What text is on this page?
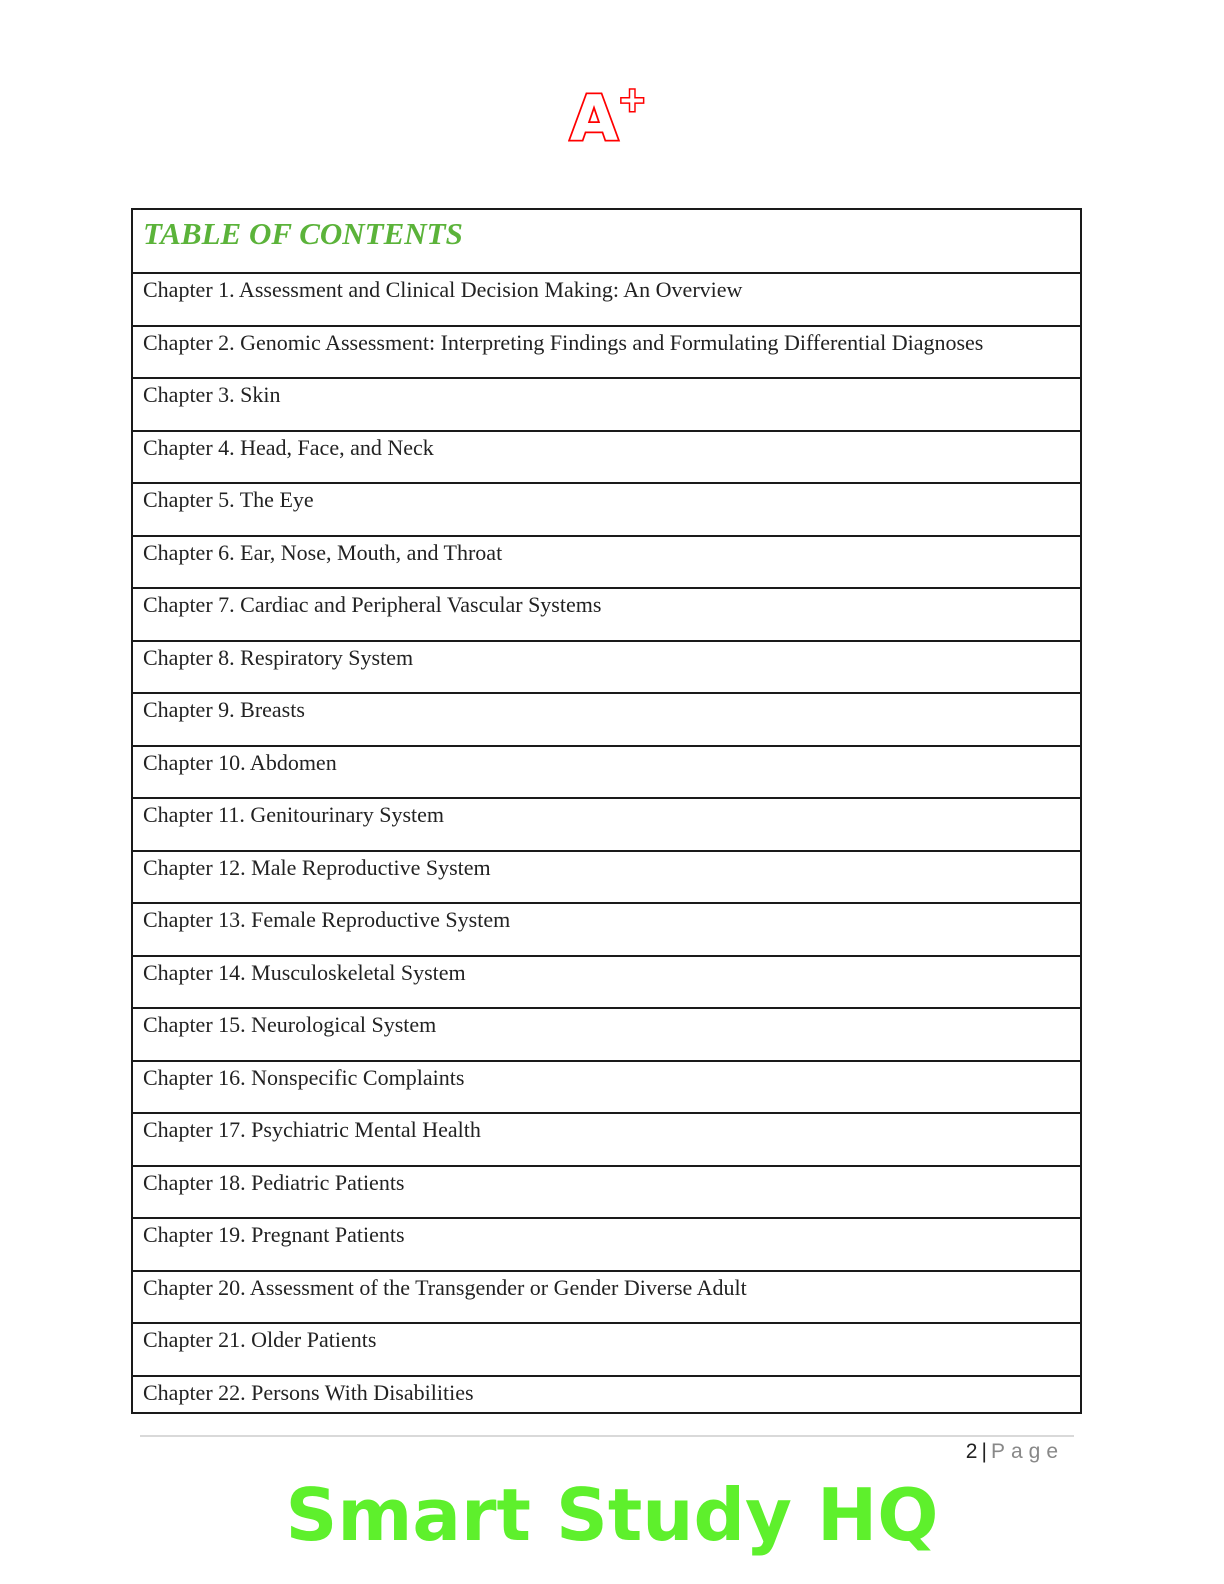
A +
TABLE OF CONTENTS
Chapter 1. Assessment and Clinical Decision Making: An Overview
Chapter 2. Genomic Assessment: Interpreting Findings and Formulating Differential Diagnoses
Chapter 3. Skin
Chapter 4. Head, Face, and Neck
Chapter 5. The Eye
Chapter 6. Ear, Nose, Mouth, and Throat
Chapter 7. Cardiac and Peripheral Vascular Systems
Chapter 8. Respiratory System
Chapter 9. Breasts
Chapter 10. Abdomen
Chapter 11. Genitourinary System
Chapter 12. Male Reproductive System
Chapter 13. Female Reproductive System
Chapter 14. Musculoskeletal System
Chapter 15. Neurological System
Chapter 16. Nonspecific Complaints
Chapter 17. Psychiatric Mental Health
Chapter 18. Pediatric Patients
Chapter 19. Pregnant Patients
Chapter 20. Assessment of the Transgender or Gender Diverse Adult
Chapter 21. Older Patients
Chapter 22. Persons With Disabilities
2 | Page
Smart Study HQ
